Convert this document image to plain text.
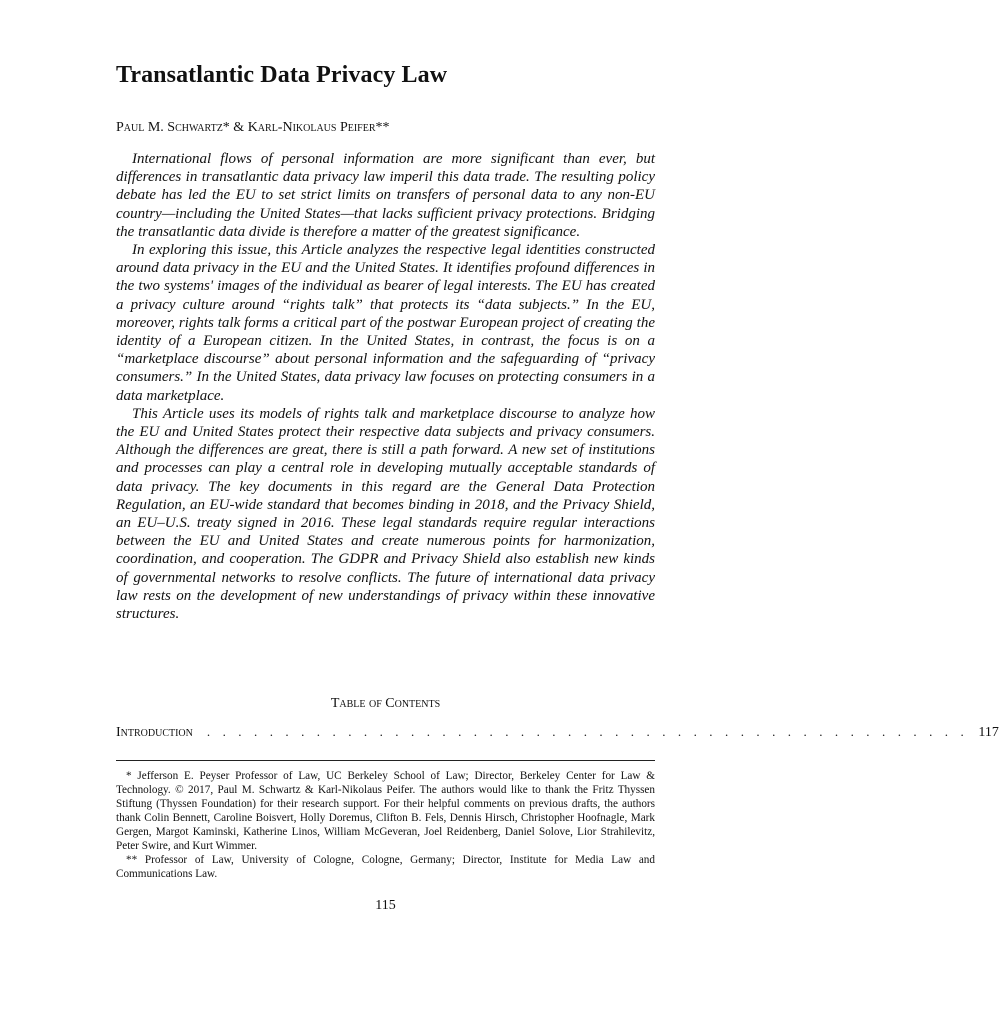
Transatlantic Data Privacy Law

Paul M. Schwartz* & Karl-Nikolaus Peifer**

International flows of personal information are more significant than ever, but differences in transatlantic data privacy law imperil this data trade. The resulting policy debate has led the EU to set strict limits on transfers of personal data to any non-EU country—including the United States—that lacks sufficient privacy protections. Bridging the transatlantic data divide is therefore a matter of the greatest significance.

In exploring this issue, this Article analyzes the respective legal identities constructed around data privacy in the EU and the United States. It identifies profound differences in the two systems' images of the individual as bearer of legal interests. The EU has created a privacy culture around “rights talk” that protects its “data subjects.” In the EU, moreover, rights talk forms a critical part of the postwar European project of creating the identity of a European citizen. In the United States, in contrast, the focus is on a “marketplace discourse” about personal information and the safeguarding of “privacy consumers.” In the United States, data privacy law focuses on protecting consumers in a data marketplace.

This Article uses its models of rights talk and marketplace discourse to analyze how the EU and United States protect their respective data subjects and privacy consumers. Although the differences are great, there is still a path forward. A new set of institutions and processes can play a central role in developing mutually acceptable standards of data privacy. The key documents in this regard are the General Data Protection Regulation, an EU-wide standard that becomes binding in 2018, and the Privacy Shield, an EU–U.S. treaty signed in 2016. These legal standards require regular interactions between the EU and United States and create numerous points for harmonization, coordination, and cooperation. The GDPR and Privacy Shield also establish new kinds of governmental networks to resolve conflicts. The future of international data privacy law rests on the development of new understandings of privacy within these innovative structures.

Table of Contents

Introduction . . . . . . . . . . . . . . . . . . . . . . . . . . . . . . . . . . . . . . . . . . . . . . . . . 117

* Jefferson E. Peyser Professor of Law, UC Berkeley School of Law; Director, Berkeley Center for Law & Technology. © 2017, Paul M. Schwartz & Karl-Nikolaus Peifer. The authors would like to thank the Fritz Thyssen Stiftung (Thyssen Foundation) for their research support. For their helpful comments on previous drafts, the authors thank Colin Bennett, Caroline Boisvert, Holly Doremus, Clifton B. Fels, Dennis Hirsch, Christopher Hoofnagle, Mark Gergen, Margot Kaminski, Katherine Linos, William McGeveran, Joel Reidenberg, Daniel Solove, Lior Strahilevitz, Peter Swire, and Kurt Wimmer.

** Professor of Law, University of Cologne, Cologne, Germany; Director, Institute for Media Law and Communications Law.

115
